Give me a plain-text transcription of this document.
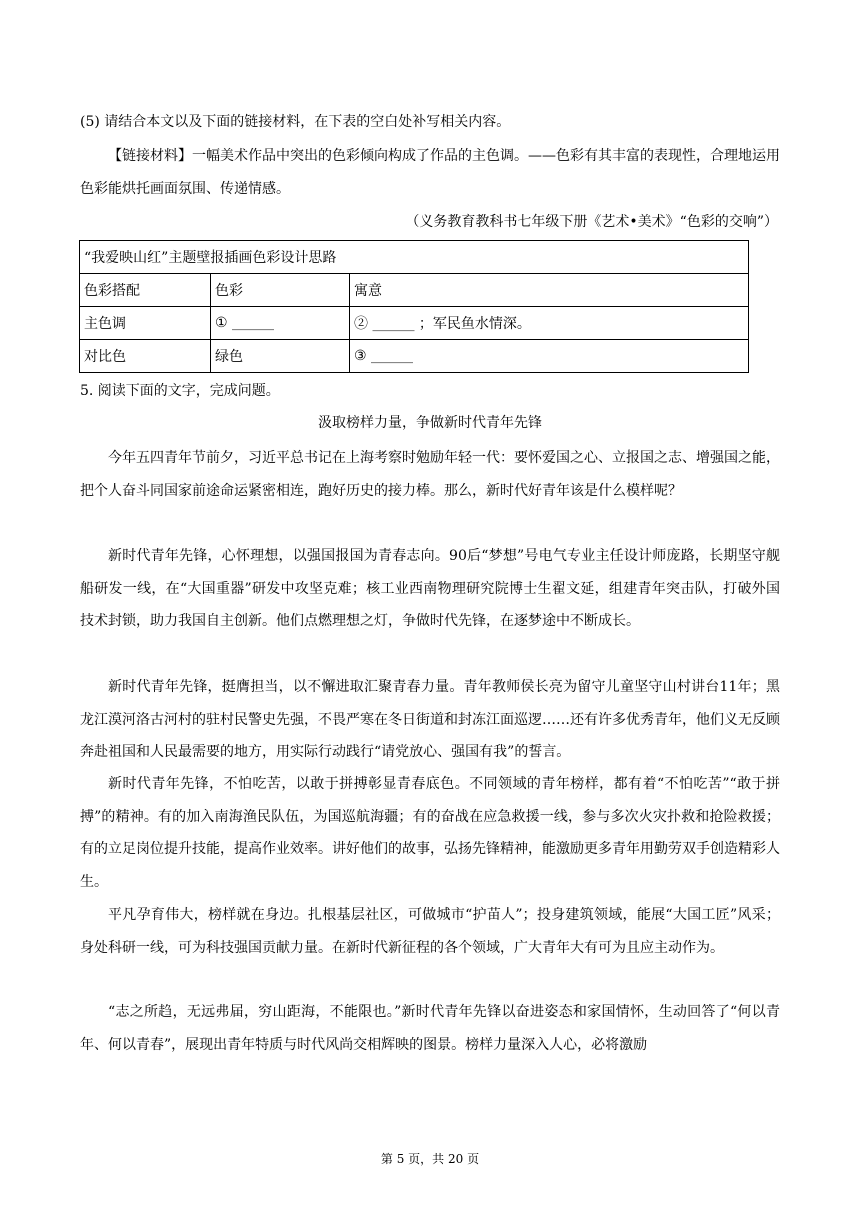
(5) 请结合本文以及下面的链接材料，在下表的空白处补写相关内容。

【链接材料】一幅美术作品中突出的色彩倾向构成了作品的主色调。——色彩有其丰富的表现性，合理地运用色彩能烘托画面氛围、传递情感。

（义务教育教科书七年级下册《艺术•美术》“色彩的交响”）
“我爱映山红”主题壁报插画色彩设计思路		
色彩搭配	色彩	寓意
主色调	① ______	② ______ ；军民鱼水情深。
对比色	绿色	③ ______
5. 阅读下面的文字，完成问题。
汲取榜样力量，争做新时代青年先锋

今年五四青年节前夕，习近平总书记在上海考察时勉励年轻一代：要怀爱国之心、立报国之志、增强国之能，把个人奋斗同国家前途命运紧密相连，跑好历史的接力棒。那么，新时代好青年该是什么模样呢？

新时代青年先锋，心怀理想，以强国报国为青春志向。90后“梦想”号电气专业主任设计师庞路，长期坚守舰船研发一线，在“大国重器”研发中攻坚克难；核工业西南物理研究院博士生翟文延，组建青年突击队，打破外国技术封锁，助力我国自主创新。他们点燃理想之灯，争做时代先锋，在逐梦途中不断成长。

新时代青年先锋，挺膺担当，以不懈进取汇聚青春力量。青年教师侯长亮为留守儿童坚守山村讲台11年；黑龙江漠河洛古河村的驻村民警史先强，不畏严寒在冬日街道和封冻江面巡逻……还有许多优秀青年，他们义无反顾奔赴祖国和人民最需要的地方，用实际行动践行“请党放心、强国有我”的誓言。

新时代青年先锋，不怕吃苦，以敢于拼搏彰显青春底色。不同领域的青年榜样，都有着“不怕吃苦”“敢于拼搏”的精神。有的加入南海渔民队伍，为国巡航海疆；有的奋战在应急救援一线，参与多次火灾扑救和抢险救援；有的立足岗位提升技能，提高作业效率。讲好他们的故事，弘扬先锋精神，能激励更多青年用勤劳双手创造精彩人生。

平凡孕育伟大，榜样就在身边。扎根基层社区，可做城市“护苗人”；投身建筑领域，能展“大国工匠”风采；身处科研一线，可为科技强国贡献力量。在新时代新征程的各个领域，广大青年大有可为且应主动作为。

“志之所趋，无远弗届，穷山距海，不能限也。”新时代青年先锋以奋进姿态和家国情怀，生动回答了“何以青年、何以青春”，展现出青年特质与时代风尚交相辉映的图景。榜样力量深入人心，必将激励

第 5 页，共 20 页
